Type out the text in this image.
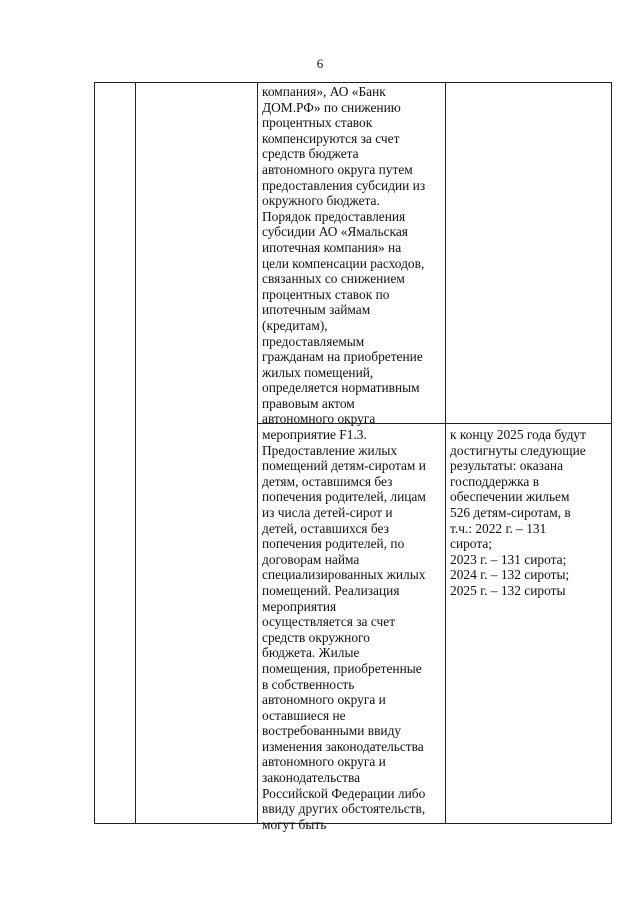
6
компания», АО «Банк
ДОМ.РФ» по снижению
процентных ставок
компенсируются за счет
средств бюджета
автономного округа путем
предоставления субсидии из
окружного бюджета.
Порядок предоставления
субсидии АО «Ямальская
ипотечная компания» на
цели компенсации расходов,
связанных со снижением
процентных ставок по
ипотечным займам
(кредитам),
предоставляемым
гражданам на приобретение
жилых помещений,
определяется нормативным
правовым актом
автономного округа
мероприятие F1.3.
Предоставление жилых
помещений детям-сиротам и
детям, оставшимся без
попечения родителей, лицам
из числа детей-сирот и
детей, оставшихся без
попечения родителей, по
договорам найма
специализированных жилых
помещений. Реализация
мероприятия
осуществляется за счет
средств окружного
бюджета. Жилые
помещения, приобретенные
в собственность
автономного округа и
оставшиеся не
востребованными ввиду
изменения законодательства
автономного округа и
законодательства
Российской Федерации либо
ввиду других обстоятельств,
могут быть
к концу 2025 года будут
достигнуты следующие
результаты: оказана
господдержка в
обеспечении жильем
526 детям-сиротам, в
т.ч.: 2022 г. – 131
сирота;
2023 г. – 131 сирота;
2024 г. – 132 сироты;
2025 г. – 132 сироты
